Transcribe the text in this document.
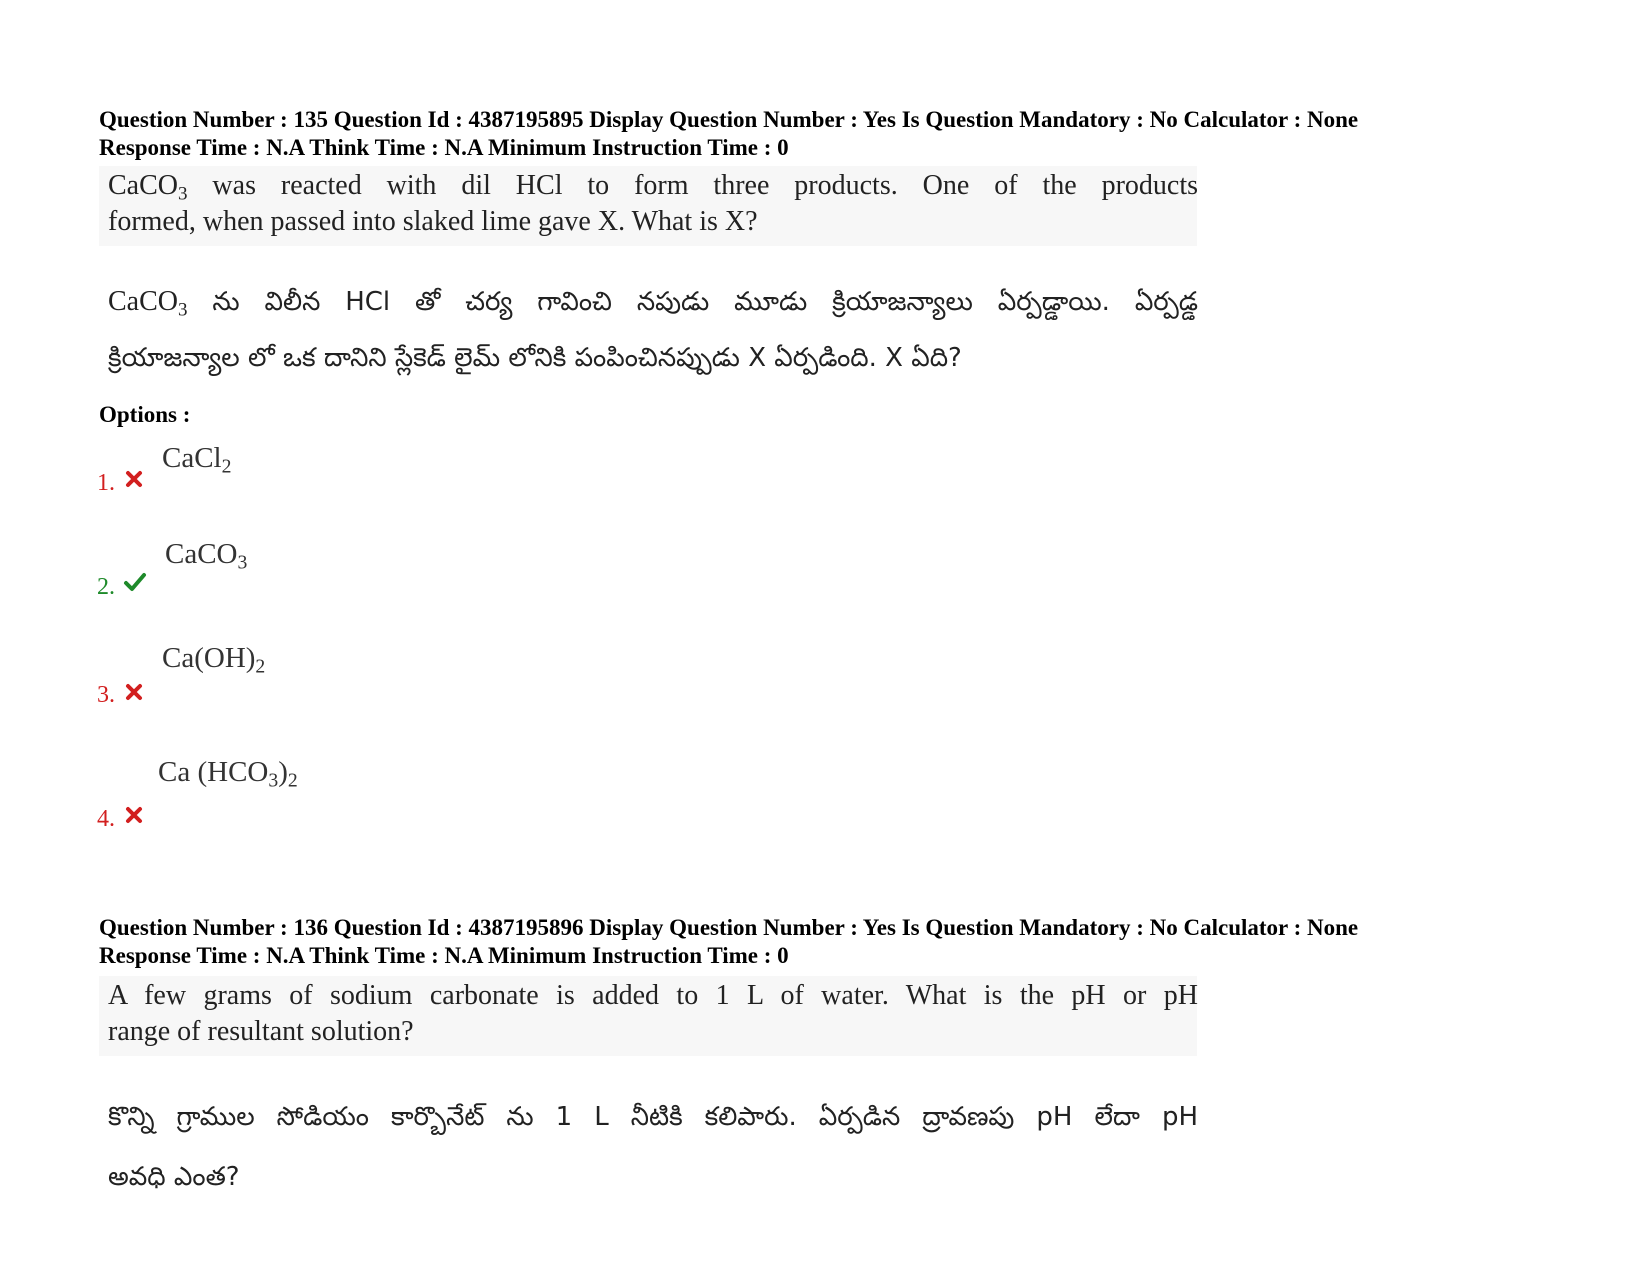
Question Number : 135 Question Id : 4387195895 Display Question Number : Yes Is Question Mandatory : No Calculator : None
Response Time : N.A Think Time : N.A Minimum Instruction Time : 0
CaCO$_3$ was reacted with dil HCl to form three products. One of the products
formed, when passed into slaked lime gave X. What is X?
CaCO$_3$ ను విలీన HCl తో చర్య గావించి నపుడు మూడు క్రియాజన్యాలు ఏర్పడ్డాయి. ఏర్పడ్డ
క్రియాజన్యాల లో ఒక దానిని స్లేకెడ్ లైమ్ లోనికి పంపించినప్పుడు X ఏర్పడింది. X ఏది?
Options :
CaCl$_2$
1.
CaCO$_3$
2.
$Ca(OH)_2$
3.
Ca $(HCO_3)_2$
4.
Question Number : 136 Question Id : 4387195896 Display Question Number : Yes Is Question Mandatory : No Calculator : None
Response Time : N.A Think Time : N.A Minimum Instruction Time : 0
A few grams of sodium carbonate is added to 1 L of water. What is the pH or pH
range of resultant solution?
కొన్ని గ్రాముల సోడియం కార్బొనేట్ ను 1 L నీటికి కలిపారు. ఏర్పడిన ద్రావణపు pH లేదా pH
అవధి ఎంత?
